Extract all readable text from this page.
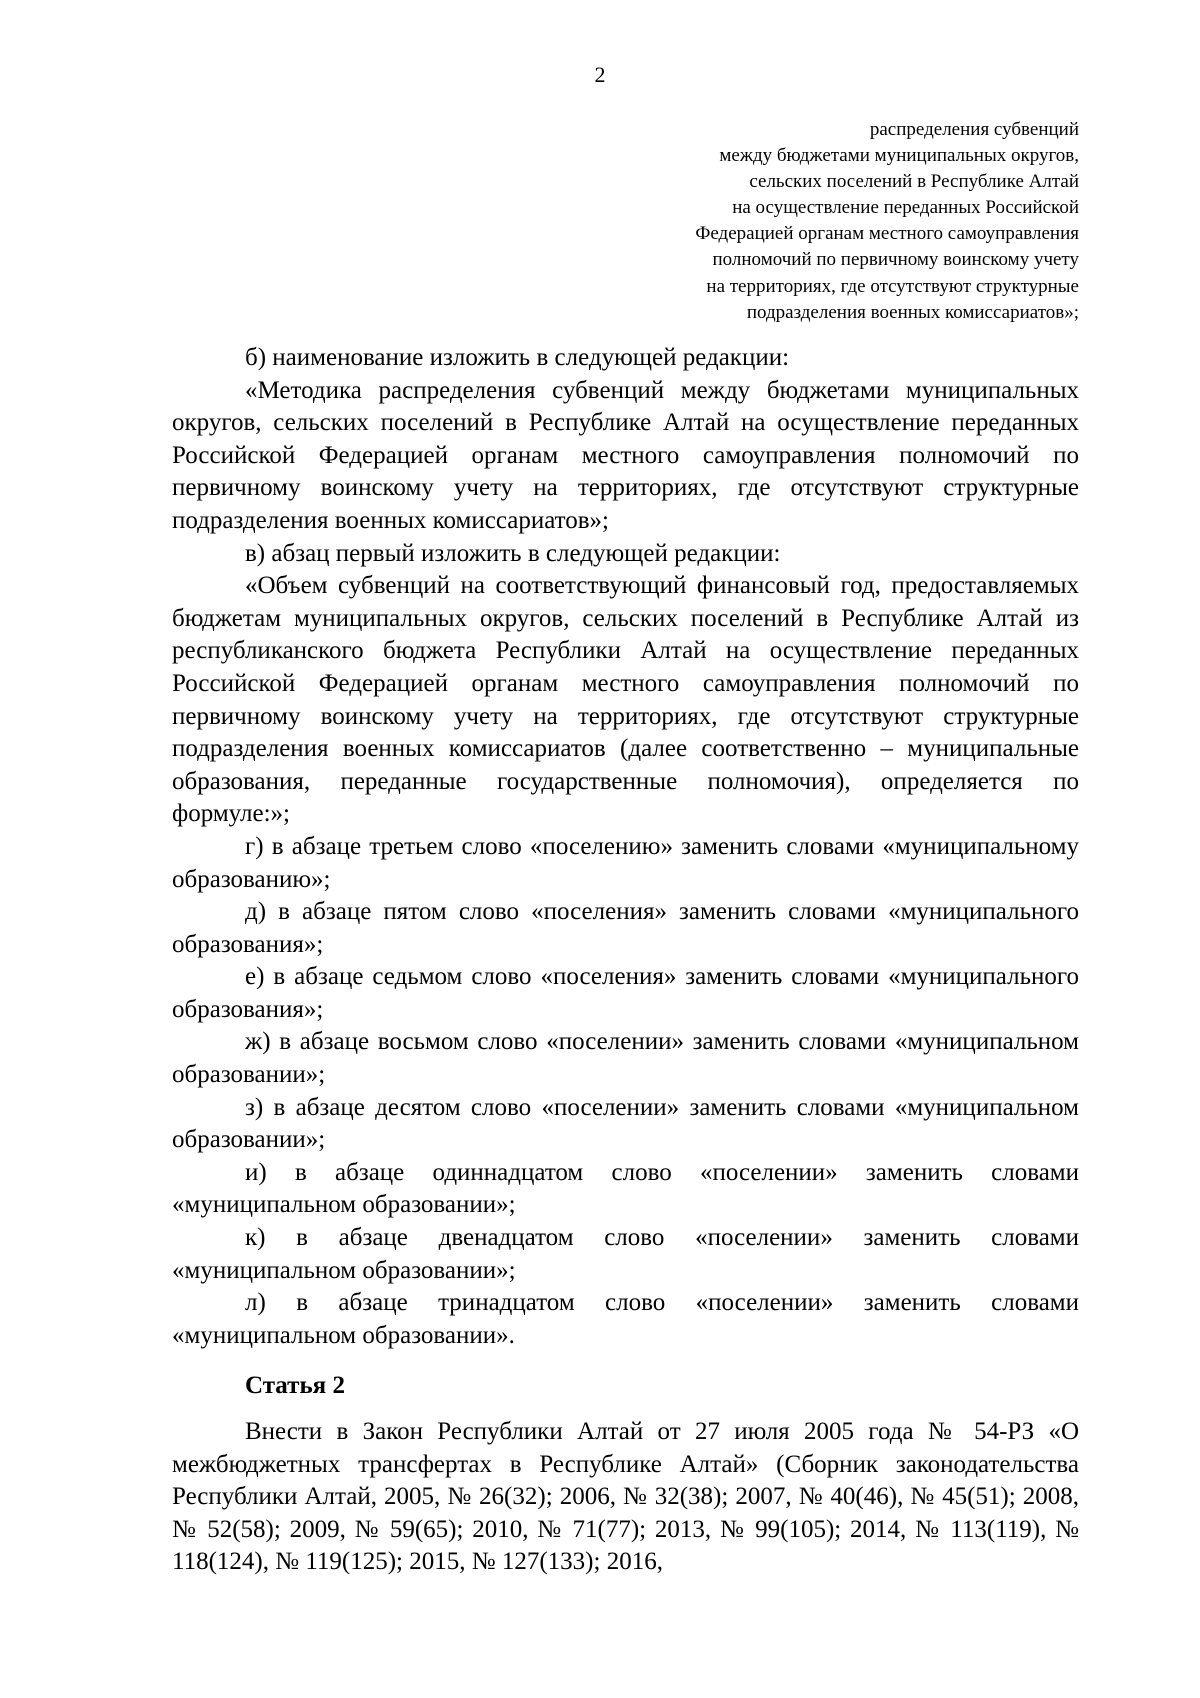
2
распределения субвенций
между бюджетами муниципальных округов,
сельских поселений в Республике Алтай
на осуществление переданных Российской
Федерацией органам местного самоуправления
полномочий по первичному воинскому учету
на территориях, где отсутствуют структурные
подразделения военных комиссариатов»;

б) наименование изложить в следующей редакции:

«Методика распределения субвенций между бюджетами муниципальных округов, сельских поселений в Республике Алтай на осуществление переданных Российской Федерацией органам местного самоуправления полномочий по первичному воинскому учету на территориях, где отсутствуют структурные подразделения военных комиссариатов»;

в) абзац первый изложить в следующей редакции:

«Объем субвенций на соответствующий финансовый год, предоставляемых бюджетам муниципальных округов, сельских поселений в Республике Алтай из республиканского бюджета Республики Алтай на осуществление переданных Российской Федерацией органам местного самоуправления полномочий по первичному воинскому учету на территориях, где отсутствуют структурные подразделения военных комиссариатов (далее соответственно – муниципальные образования, переданные государственные полномочия), определяется по формуле:»;

г) в абзаце третьем слово «поселению» заменить словами «муниципальному образованию»;

д) в абзаце пятом слово «поселения» заменить словами «муниципального образования»;

е) в абзаце седьмом слово «поселения» заменить словами «муниципального образования»;

ж) в абзаце восьмом слово «поселении» заменить словами «муниципальном образовании»;

з) в абзаце десятом слово «поселении» заменить словами «муниципальном образовании»;

и) в абзаце одиннадцатом слово «поселении» заменить словами «муниципальном образовании»;

к) в абзаце двенадцатом слово «поселении» заменить словами «муниципальном образовании»;

л) в абзаце тринадцатом слово «поселении» заменить словами «муниципальном образовании».

Статья 2

Внести в Закон Республики Алтай от 27 июля 2005 года № 54-РЗ «О межбюджетных трансфертах в Республике Алтай» (Сборник законодательства Республики Алтай, 2005, № 26(32); 2006, № 32(38); 2007, № 40(46), № 45(51); 2008, № 52(58); 2009, № 59(65); 2010, № 71(77); 2013, № 99(105); 2014, № 113(119), № 118(124), № 119(125); 2015, № 127(133); 2016,
